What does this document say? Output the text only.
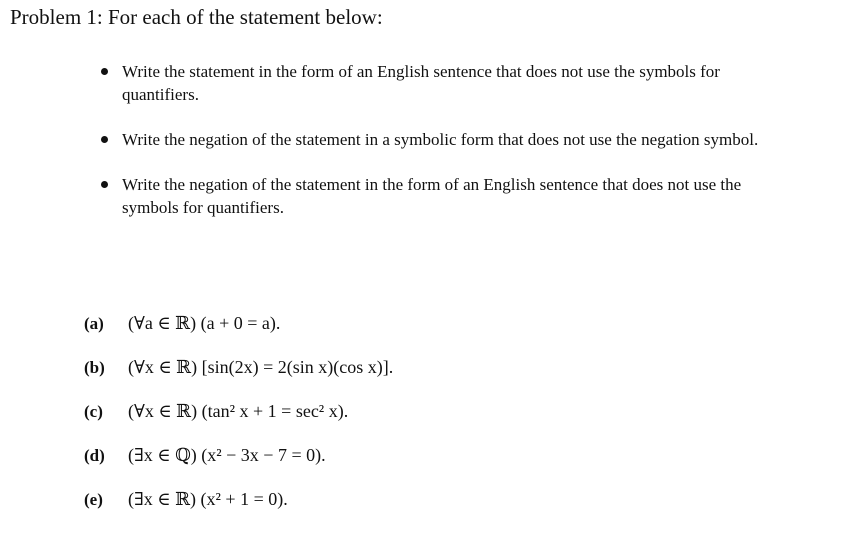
Problem 1: For each of the statement below:
Write the statement in the form of an English sentence that does not use the symbols for quantifiers.
Write the negation of the statement in a symbolic form that does not use the negation symbol.
Write the negation of the statement in the form of an English sentence that does not use the symbols for quantifiers.
(a)	(∀a ∈ ℝ) (a + 0 = a).
(b)	(∀x ∈ ℝ) [sin(2x) = 2(sin x)(cos x)].
(c)	(∀x ∈ ℝ) (tan² x + 1 = sec² x).
(d)	(∃x ∈ ℚ) (x² − 3x − 7 = 0).
(e)	(∃x ∈ ℝ) (x² + 1 = 0).
